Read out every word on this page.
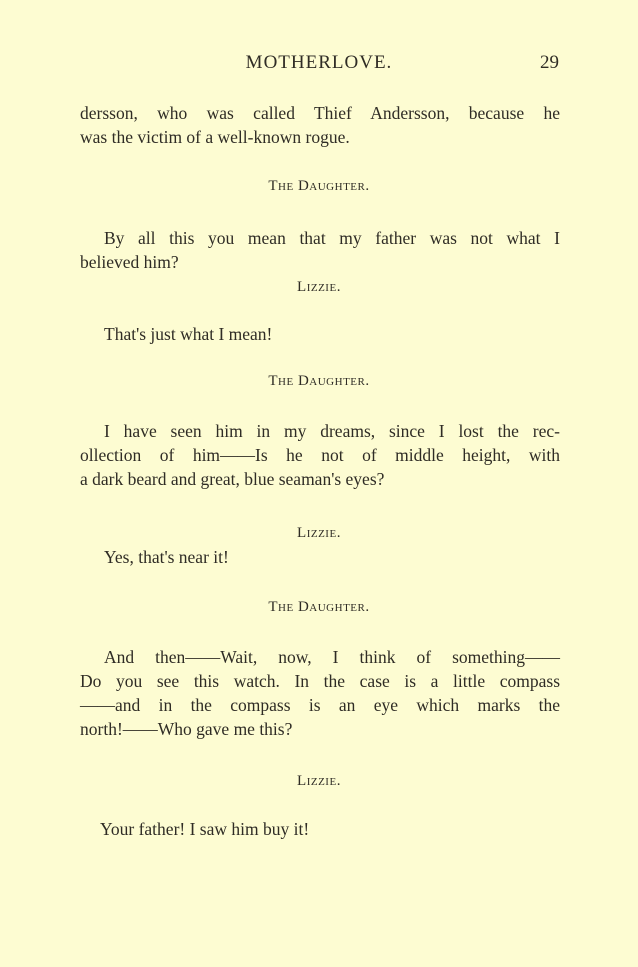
MOTHERLOVE.	29
dersson, who was called Thief Andersson, because he
was the victim of a well-known rogue.
The Daughter.
By all this you mean that my father was not what I
believed him?
Lizzie.
That's just what I mean!
The Daughter.
I have seen him in my dreams, since I lost the rec-
ollection of him——Is he not of middle height, with
a dark beard and great, blue seaman's eyes?
Lizzie.
Yes, that's near it!
The Daughter.
And then——Wait, now, I think of something——
Do you see this watch. In the case is a little compass
——and in the compass is an eye which marks the
north!——Who gave me this?
Lizzie.
Your father! I saw him buy it!
